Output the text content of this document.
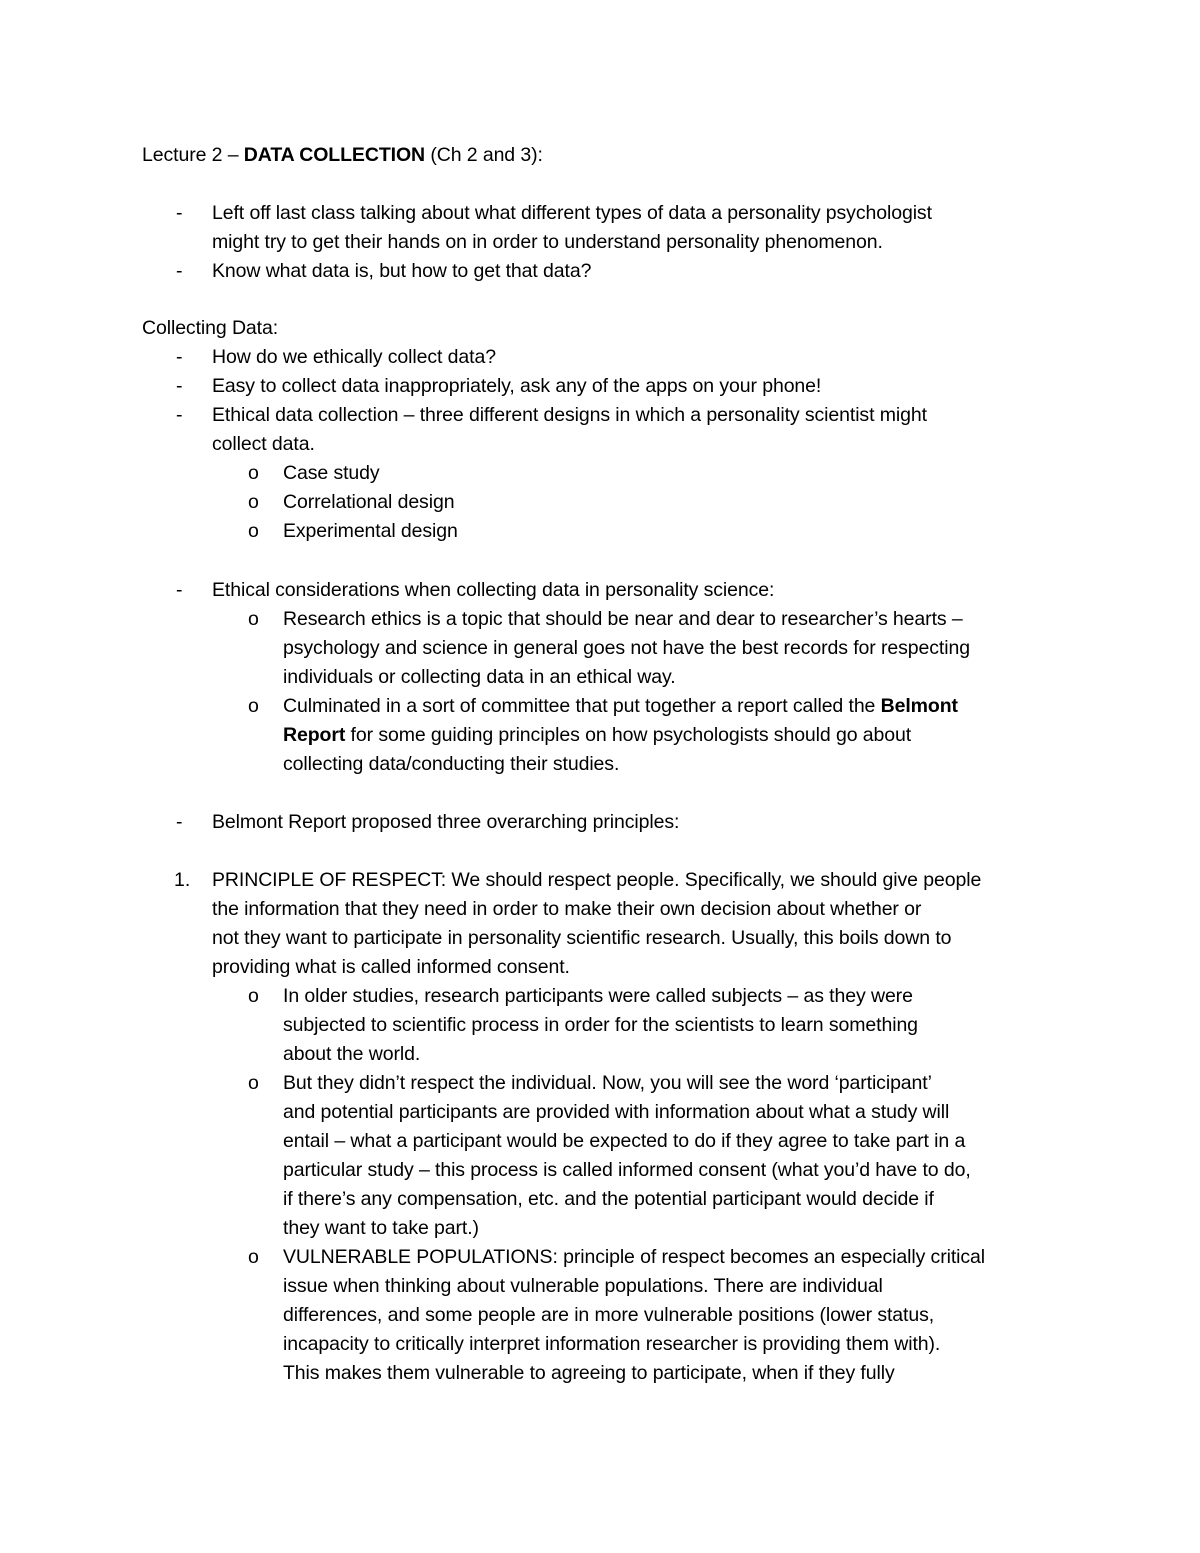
Lecture 2 – DATA COLLECTION (Ch 2 and 3):
- Left off last class talking about what different types of data a personality psychologist
might try to get their hands on in order to understand personality phenomenon.
- Know what data is, but how to get that data?
Collecting Data:
- How do we ethically collect data?
- Easy to collect data inappropriately, ask any of the apps on your phone!
- Ethical data collection – three different designs in which a personality scientist might
collect data.
o Case study
o Correlational design
o Experimental design
- Ethical considerations when collecting data in personality science:
o Research ethics is a topic that should be near and dear to researcher’s hearts –
psychology and science in general goes not have the best records for respecting
individuals or collecting data in an ethical way.
o Culminated in a sort of committee that put together a report called the Belmont
Report for some guiding principles on how psychologists should go about
collecting data/conducting their studies.
- Belmont Report proposed three overarching principles:
1. PRINCIPLE OF RESPECT: We should respect people. Specifically, we should give people
the information that they need in order to make their own decision about whether or
not they want to participate in personality scientific research. Usually, this boils down to
providing what is called informed consent.
o In older studies, research participants were called subjects – as they were
subjected to scientific process in order for the scientists to learn something
about the world.
o But they didn’t respect the individual. Now, you will see the word ‘participant’
and potential participants are provided with information about what a study will
entail – what a participant would be expected to do if they agree to take part in a
particular study – this process is called informed consent (what you’d have to do,
if there’s any compensation, etc. and the potential participant would decide if
they want to take part.)
o VULNERABLE POPULATIONS: principle of respect becomes an especially critical
issue when thinking about vulnerable populations. There are individual
differences, and some people are in more vulnerable positions (lower status,
incapacity to critically interpret information researcher is providing them with).
This makes them vulnerable to agreeing to participate, when if they fully
